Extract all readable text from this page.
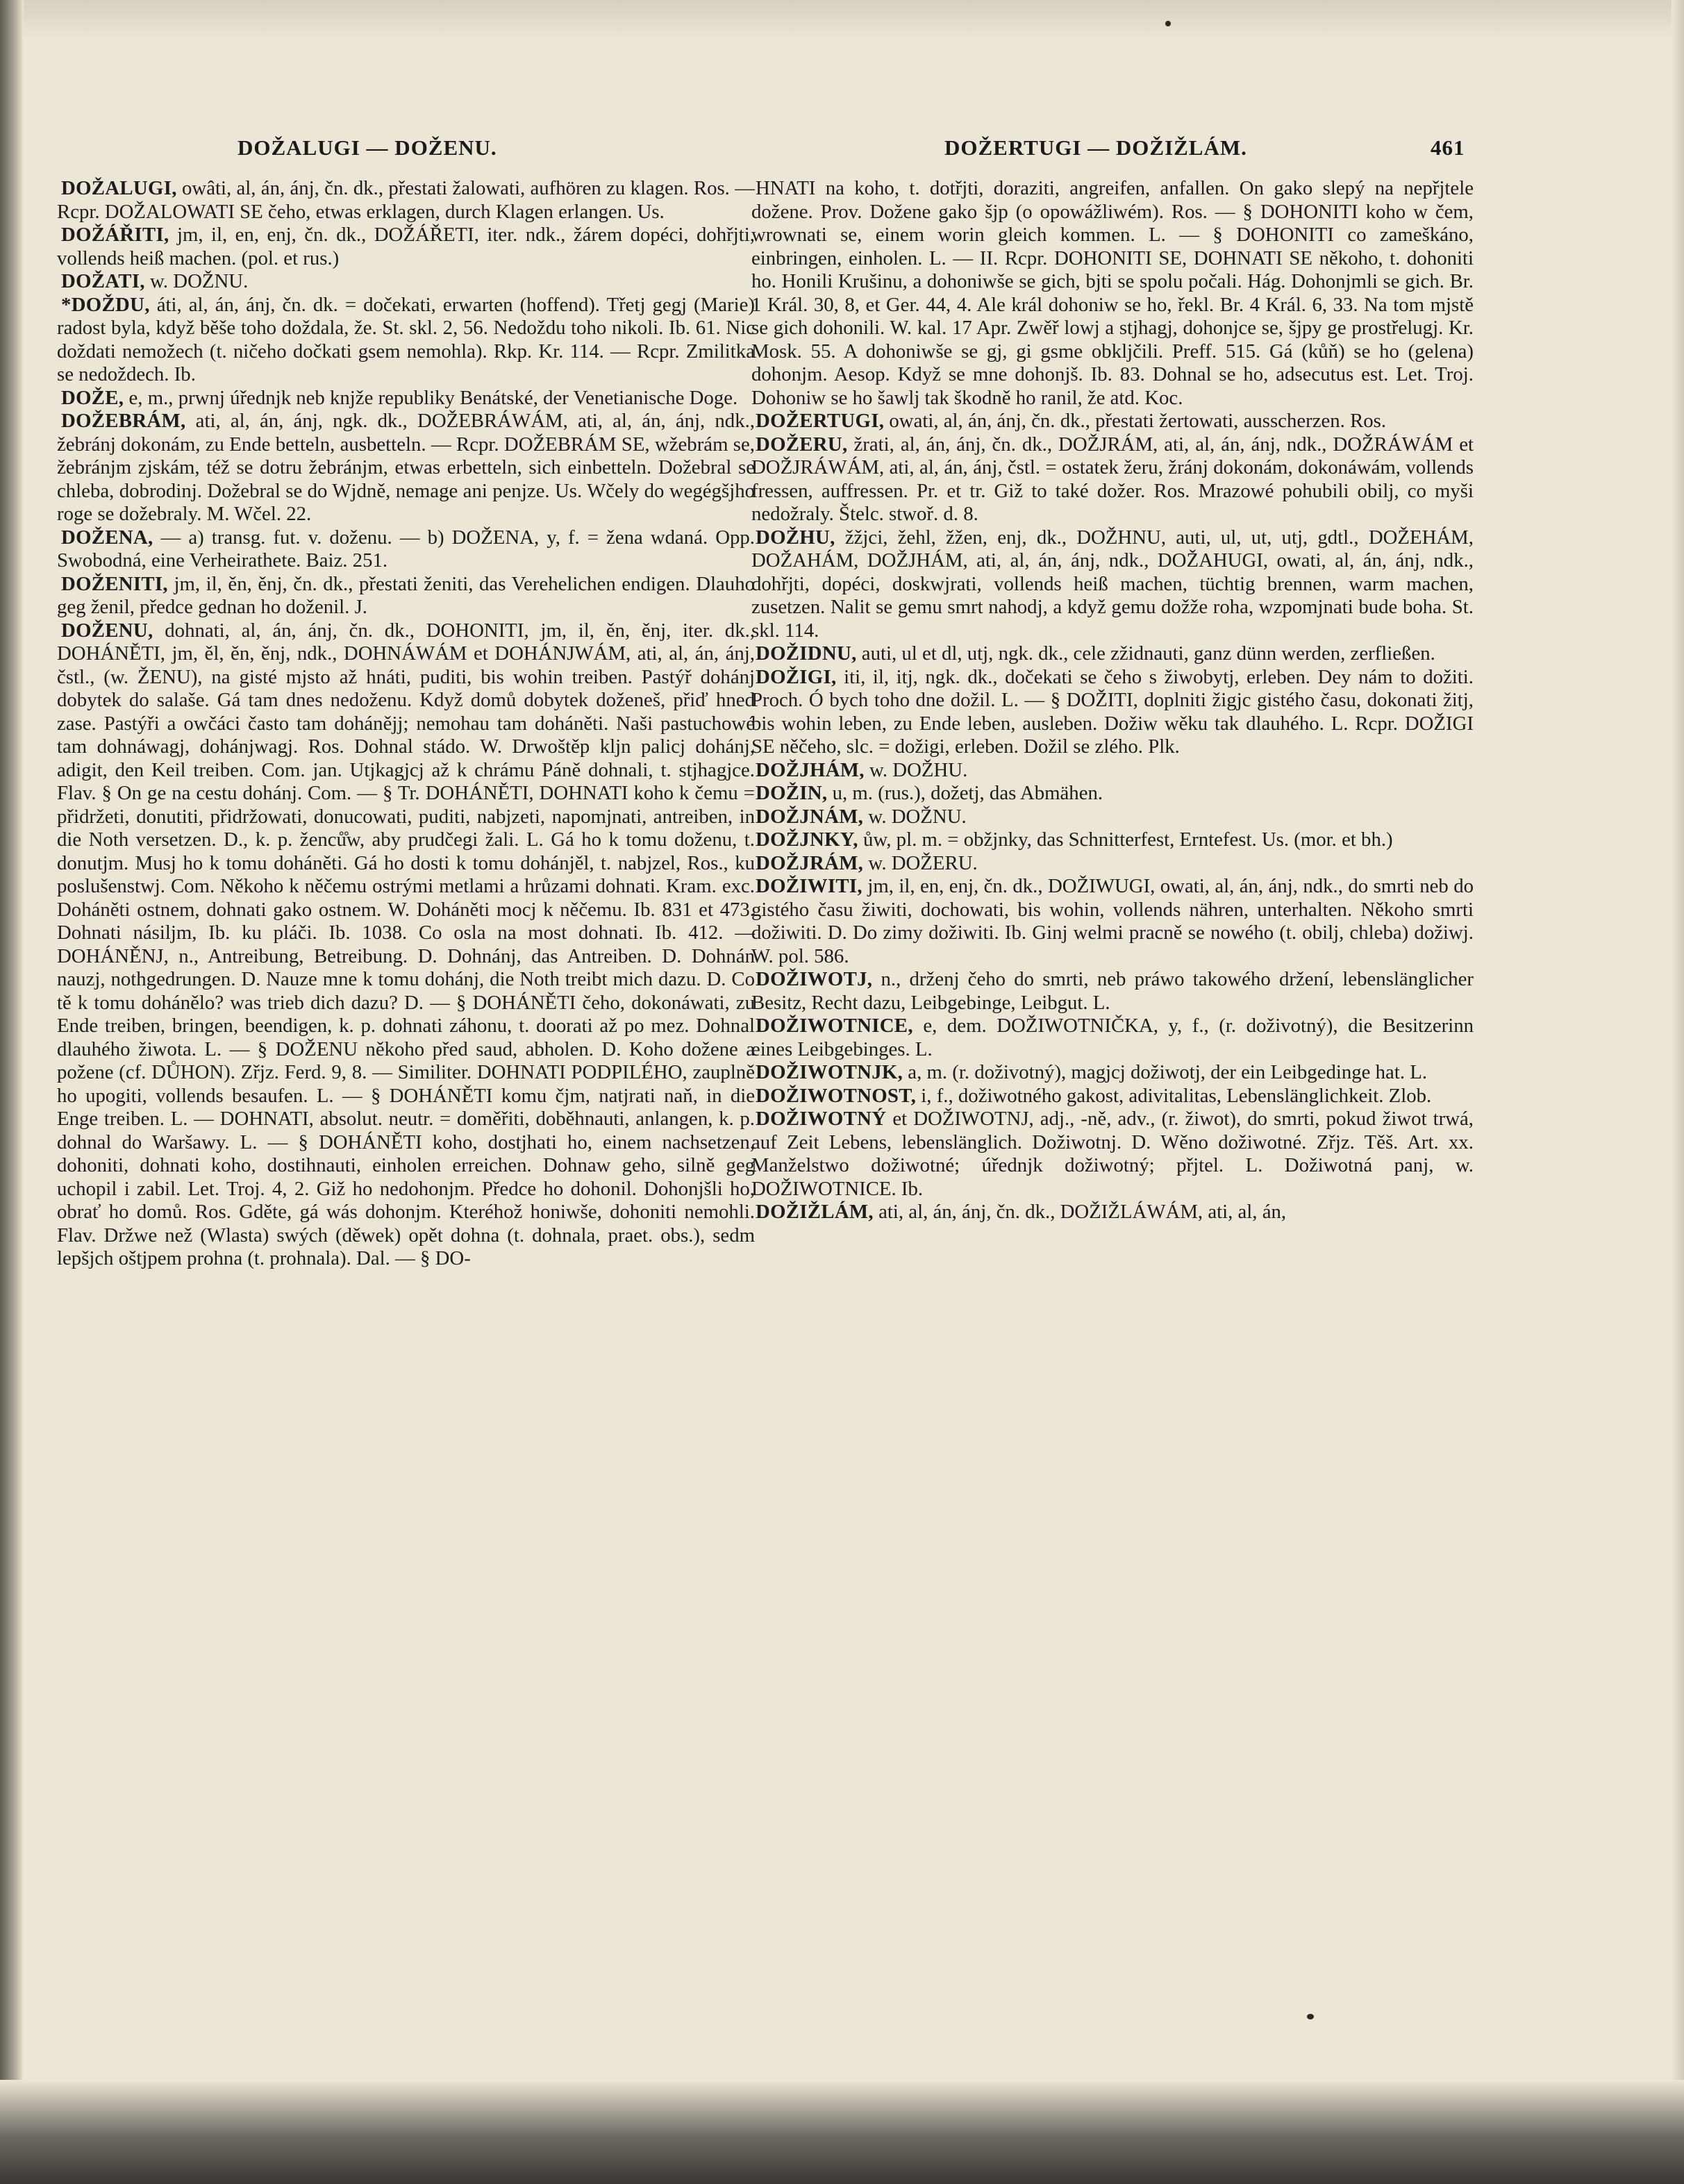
DOŽALUGI — DOŽENU.	DOŽERTUGI — DOŽIŽLÁM.	461

DOŽALUGI, owâti, al, án, ánj, čn. dk., přestati žalowati, aufhören zu klagen. Ros. — Rcpr. DOŽALOWATI SE čeho, etwas erklagen, durch Klagen erlangen. Us.

DOŽÁŘITI, jm, il, en, enj, čn. dk., DOŽÁŘETI, iter. ndk., žárem dopéci, dohřjti, vollends heiß machen. (pol. et rus.)

DOŽATI, w. DOŽNU.

*DOŽDU, áti, al, án, ánj, čn. dk. = dočekati, erwarten (hoffend). Třetj gegj (Marie) radost byla, když běše toho doždala, že. St. skl. 2, 56. Nedoždu toho nikoli. Ib. 61. Nic doždati nemožech (t. ničeho dočkati gsem nemohla). Rkp. Kr. 114. — Rcpr. Zmilitka se nedoždech. Ib.

DOŽE, e, m., prwnj úřednjk neb knjže republiky Benátské, der Venetianische Doge.

DOŽEBRÁM, ati, al, án, ánj, ngk. dk., DOŽEBRÁWÁM, ati, al, án, ánj, ndk., žebránj dokonám, zu Ende betteln, ausbetteln. — Rcpr. DOŽEBRÁM SE, wžebrám se, žebránjm zjskám, též se dotru žebránjm, etwas erbetteln, sich einbetteln. Dožebral se chleba, dobrodinj. Dožebral se do Wjdně, nemage ani penjze. Us. Wčely do wegégšjho roge se dožebraly. M. Wčel. 22.

DOŽENA, — a) transg. fut. v. doženu. — b) DOŽENA, y, f. = žena wdaná. Opp. Swobodná, eine Verheirathete. Baiz. 251.

DOŽENITI, jm, il, ěn, ěnj, čn. dk., přestati ženiti, das Verehelichen endigen. Dlauho geg ženil, předce gednan ho doženil. J.

DOŽENU, dohnati, al, án, ánj, čn. dk., DOHONITI, jm, il, ěn, ěnj, iter. dk., DOHÁNĚTI, jm, ěl, ěn, ěnj, ndk., DOHNÁWÁM et DOHÁNJWÁM, ati, al, án, ánj, čstl., (w. ŽENU), na gisté mjsto až hnáti, puditi, bis wohin treiben. Pastýř dohánj dobytek do salaše. Gá tam dnes nedoženu. Když domů dobytek doženeš, přiď hned zase. Pastýři a owčáci často tam dohánějj; nemohau tam doháněti. Naši pastuchowé tam dohnáwagj, dohánjwagj. Ros. Dohnal stádo. W. Drwoštěp kljn palicj dohánj, adigit, den Keil treiben. Com. jan. Utjkagjcj až k chrámu Páně dohnali, t. stjhagjce. Flav. § On ge na cestu dohánj. Com. — § Tr. DOHÁNĚTI, DOHNATI koho k čemu = přidržeti, donutiti, přidržowati, donucowati, puditi, nabjzeti, napomjnati, antreiben, in die Noth versetzen. D., k. p. ženců̊w, aby prudčegi žali. L. Gá ho k tomu doženu, t. donutjm. Musj ho k tomu doháněti. Gá ho dosti k tomu dohánjěl, t. nabjzel, Ros., ku poslušenstwj. Com. Někoho k něčemu ostrými metlami a hrůzami dohnati. Kram. exc. Doháněti ostnem, dohnati gako ostnem. W. Doháněti mocj k něčemu. Ib. 831 et 473. Dohnati násiljm, Ib. ku pláči. Ib. 1038. Co osla na most dohnati. Ib. 412. — DOHÁNĚNJ, n., Antreibung, Betreibung. D. Dohnánj, das Antreiben. D. Dohnán nauzj, nothgedrungen. D. Nauze mne k tomu dohánj, die Noth treibt mich dazu. D. Co tě k tomu dohánělo? was trieb dich dazu? D. — § DOHÁNĚTI čeho, dokonáwati, zu Ende treiben, bringen, beendigen, k. p. dohnati záhonu, t. doorati až po mez. Dohnal dlauhého žiwota. L. — § DOŽENU někoho před saud, abholen. D. Koho dožene a požene (cf. DŮHON). Zřjz. Ferd. 9, 8. — Similiter. DOHNATI PODPILÉHO, zauplně ho upogiti, vollends besaufen. L. — § DOHÁNĚTI komu čjm, natjrati naň, in die Enge treiben. L. — DOHNATI, absolut. neutr. = doměřiti, doběhnauti, anlangen, k. p. dohnal do Waršawy. L. — § DOHÁNĚTI koho, dostjhati ho, einem nachsetzen, dohoniti, dohnati koho, dostihnauti, einholen erreichen. Dohnaw geho, silně geg uchopil i zabil. Let. Troj. 4, 2. Giž ho nedohonjm. Předce ho dohonil. Dohonjšli ho, obrať ho domů. Ros. Gděte, gá wás dohonjm. Kteréhož honiwše, dohoniti nemohli. Flav. Držwe než (Wlasta) swých (děwek) opět dohna (t. dohnala, praet. obs.), sedm lepšjch oštjpem prohna (t. prohnala). Dal. — § DO-

HNATI na koho, t. dotřjti, doraziti, angreifen, anfallen. On gako slepý na nepřjtele dožene. Prov. Dožene gako šjp (o opowážliwém). Ros. — § DOHONITI koho w čem, wrownati se, einem worin gleich kommen. L. — § DOHONITI co zameškáno, einbringen, einholen. L. — II. Rcpr. DOHONITI SE, DOHNATI SE někoho, t. dohoniti ho. Honili Krušinu, a dohoniwše se gich, bjti se spolu počali. Hág. Dohonjmli se gich. Br. 1 Král. 30, 8, et Ger. 44, 4. Ale král dohoniw se ho, řekl. Br. 4 Král. 6, 33. Na tom mjstě se gich dohonili. W. kal. 17 Apr. Zwěř lowj a stjhagj, dohonjce se, šjpy ge prostřelugj. Kr. Mosk. 55. A dohoniwše se gj, gi gsme obkljčili. Preff. 515. Gá (kůň) se ho (gelena) dohonjm. Aesop. Když se mne dohonjš. Ib. 83. Dohnal se ho, adsecutus est. Let. Troj. Dohoniw se ho šawlj tak škodně ho ranil, že atd. Koc.

DOŽERTUGI, owati, al, án, ánj, čn. dk., přestati žertowati, ausscherzen. Ros.

DOŽERU, žrati, al, án, ánj, čn. dk., DOŽJRÁM, ati, al, án, ánj, ndk., DOŽRÁWÁM et DOŽJRÁWÁM, ati, al, án, ánj, čstl. = ostatek žeru, žránj dokonám, dokonáwám, vollends fressen, auffressen. Pr. et tr. Giž to také dožer. Ros. Mrazowé pohubili obilj, co myši nedožraly. Štelc. stwoř. d. 8.

DOŽHU, žžjci, žehl, žžen, enj, dk., DOŽHNU, auti, ul, ut, utj, gdtl., DOŽEHÁM, DOŽAHÁM, DOŽJHÁM, ati, al, án, ánj, ndk., DOŽAHUGI, owati, al, án, ánj, ndk., dohřjti, dopéci, doskwjrati, vollends heiß machen, tüchtig brennen, warm machen, zusetzen. Nalit se gemu smrt nahodj, a když gemu dožže roha, wzpomjnati bude boha. St. skl. 114.

DOŽIDNU, auti, ul et dl, utj, ngk. dk., cele zžidnauti, ganz dünn werden, zerfließen.

DOŽIGI, iti, il, itj, ngk. dk., dočekati se čeho s žiwobytj, erleben. Dey nám to dožiti. Proch. Ó bych toho dne dožil. L. — § DOŽITI, doplniti žigjc gistého času, dokonati žitj, bis wohin leben, zu Ende leben, ausleben. Dožiw wěku tak dlauhého. L. Rcpr. DOŽIGI SE něčeho, slc. = dožigi, erleben. Dožil se zlého. Plk.

DOŽJHÁM, w. DOŽHU.

DOŽIN, u, m. (rus.), dožetj, das Abmähen.

DOŽJNÁM, w. DOŽNU.

DOŽJNKY, ůw, pl. m. = obžjnky, das Schnitterfest, Erntefest. Us. (mor. et bh.)

DOŽJRÁM, w. DOŽERU.

DOŽIWITI, jm, il, en, enj, čn. dk., DOŽIWUGI, owati, al, án, ánj, ndk., do smrti neb do gistého času žiwiti, dochowati, bis wohin, vollends nähren, unterhalten. Někoho smrti dožiwiti. D. Do zimy dožiwiti. Ib. Ginj welmi pracně se nowého (t. obilj, chleba) dožiwj. W. pol. 586.

DOŽIWOTJ, n., drženj čeho do smrti, neb práwo takowého držení, lebenslänglicher Besitz, Recht dazu, Leibgebinge, Leibgut. L.

DOŽIWOTNICE, e, dem. DOŽIWOTNIČKA, y, f., (r. doživotný), die Besitzerinn eines Leibgebinges. L.

DOŽIWOTNJK, a, m. (r. doživotný), magjcj dožiwotj, der ein Leibgedinge hat. L.

DOŽIWOTNOST, i, f., dožiwotného gakost, adivitalitas, Lebenslänglichkeit. Zlob.

DOŽIWOTNÝ et DOŽIWOTNJ, adj., -ně, adv., (r. žiwot), do smrti, pokud žiwot trwá, auf Zeit Lebens, lebenslänglich. Dožiwotnj. D. Wěno dožiwotné. Zřjz. Těš. Art. xx. Manželstwo dožiwotné; úřednjk dožiwotný; přjtel. L. Dožiwotná panj, w. DOŽIWOTNICE. Ib.

DOŽIŽLÁM, ati, al, án, ánj, čn. dk., DOŽIŽLÁWÁM, ati, al, án,
